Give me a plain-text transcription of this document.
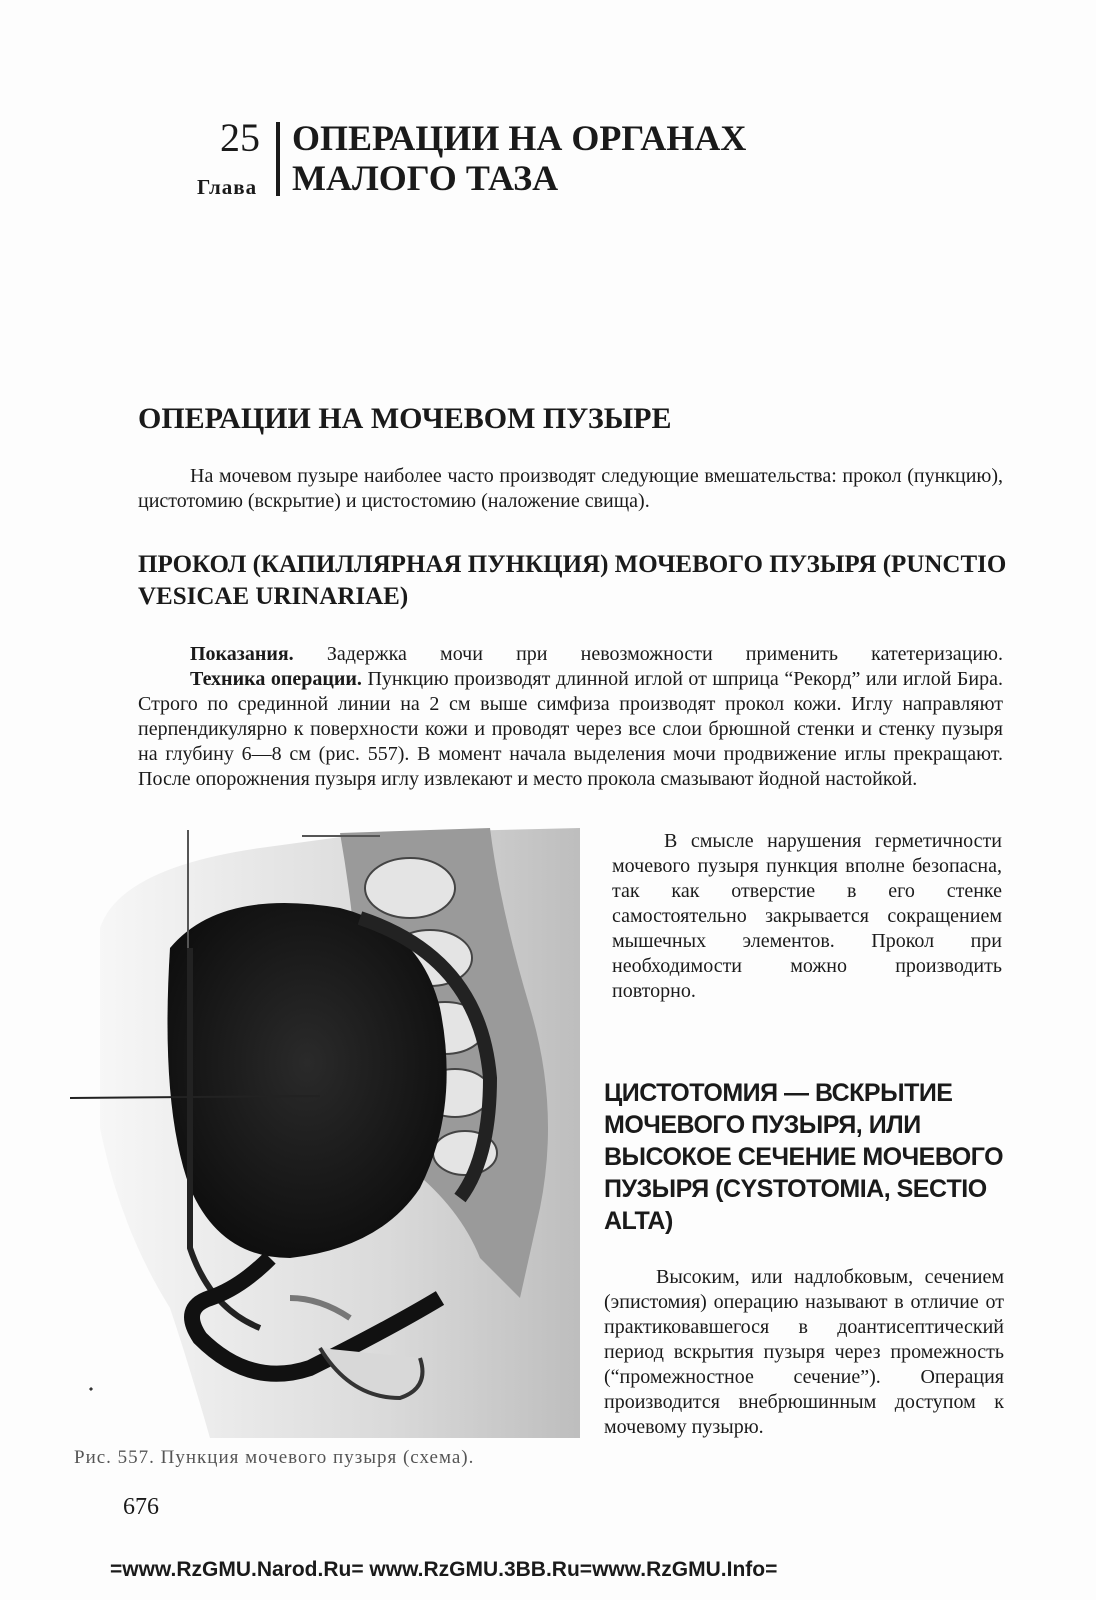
25
Глава
ОПЕРАЦИИ НА ОРГАНАХ
МАЛОГО ТАЗА
ОПЕРАЦИИ НА МОЧЕВОМ ПУЗЫРЕ
На мочевом пузыре наиболее часто производят следующие вмешательства: прокол (пункцию), цистотомию (вскрытие) и цистостомию (наложение свища).
ПРОКОЛ (КАПИЛЛЯРНАЯ ПУНКЦИЯ) МОЧЕВОГО ПУЗЫРЯ (PUNCTIO VESICAE URINARIAE)
Показания. Задержка мочи при невозможности применить катетеризацию.
Техника операции. Пункцию производят длинной иглой от шприца “Рекорд” или иглой Бира. Строго по срединной линии на 2 см выше симфиза производят прокол кожи. Иглу направляют перпендикулярно к поверхности кожи и проводят через все слои брюшной стенки и стенку пузыря на глубину 6—8 см (рис. 557). В момент начала выделения мочи продвижение иглы прекращают. После опорожнения пузыря иглу извлекают и место прокола смазывают йодной настойкой.
Рис. 557. Пункция мочевого пузыря (схема).
В смысле нарушения герметичности мочевого пузыря пункция вполне безопасна, так как отверстие в его стенке самостоятельно закрывается сокращением мышечных элементов. Прокол при необходимости можно производить повторно.
ЦИСТОТОМИЯ — ВСКРЫТИЕ МОЧЕВОГО ПУЗЫРЯ, ИЛИ ВЫСОКОЕ СЕЧЕНИЕ МОЧЕВОГО ПУЗЫРЯ (CYSTOTOMIA, SECTIO ALTA)
Высоким, или надлобковым, сечением (эпистомия) операцию называют в отличие от практиковавшегося в доантисептический период вскрытия пузыря через промежность (“промежностное сечение”). Операция производится внебрюшинным доступом к мочевому пузырю.
676
=www.RzGMU.Narod.Ru= www.RzGMU.3BB.Ru=www.RzGMU.Info=
